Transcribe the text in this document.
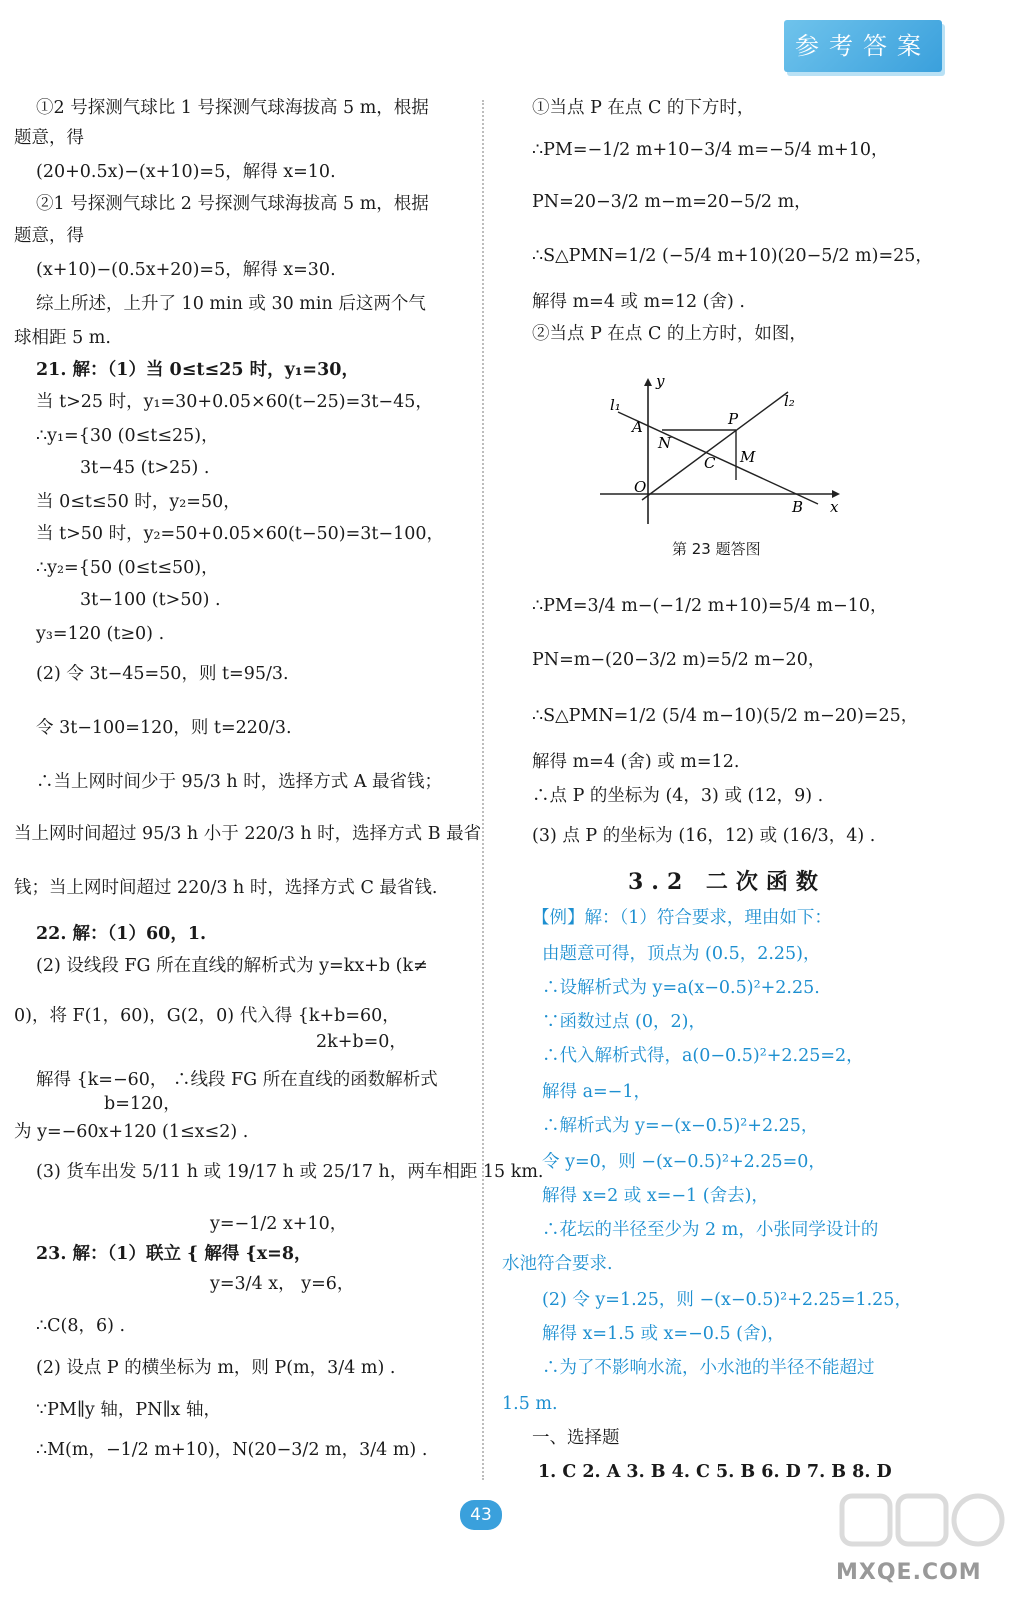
参考答案
①2 号探测气球比 1 号探测气球海拔高 5 m，根据
题意，得
(20+0.5x)−(x+10)=5，解得 x=10.
②1 号探测气球比 2 号探测气球海拔高 5 m，根据
题意，得
(x+10)−(0.5x+20)=5，解得 x=30.
综上所述，上升了 10 min 或 30 min 后这两个气
球相距 5 m.
21. 解：（1）当 0≤t≤25 时，y₁=30，
当 t>25 时，y₁=30+0.05×60(t−25)=3t−45，
∴y₁={30 (0≤t≤25)，
3t−45 (t>25) .
当 0≤t≤50 时，y₂=50，
当 t>50 时，y₂=50+0.05×60(t−50)=3t−100，
∴y₂={50 (0≤t≤50)，
3t−100 (t>50) .
y₃=120 (t≥0) .
(2) 令 3t−45=50，则 t=95/3.
令 3t−100=120，则 t=220/3.
∴当上网时间少于 95/3 h 时，选择方式 A 最省钱；
当上网时间超过 95/3 h 小于 220/3 h 时，选择方式 B 最省
钱；当上网时间超过 220/3 h 时，选择方式 C 最省钱.
22. 解：（1）60，1.
(2) 设线段 FG 所在直线的解析式为 y=kx+b (k≠
0)，将 F(1，60)，G(2，0) 代入得 {k+b=60，
2k+b=0，
解得 {k=−60， ∴线段 FG 所在直线的函数解析式
b=120，
为 y=−60x+120 (1≤x≤2) .
(3) 货车出发 5/11 h 或 19/17 h 或 25/17 h，两车相距 15 km.
y=−1/2 x+10，
23. 解：（1）联立 { 解得 {x=8，
y=3/4 x， y=6，
∴C(8，6) .
(2) 设点 P 的横坐标为 m，则 P(m，3/4 m) .
∵PM∥y 轴，PN∥x 轴，
∴M(m，−1/2 m+10)，N(20−3/2 m，3/4 m) .
①当点 P 在点 C 的下方时，
∴PM=−1/2 m+10−3/4 m=−5/4 m+10，
PN=20−3/2 m−m=20−5/2 m，
∴S△PMN=1/2 (−5/4 m+10)(20−5/2 m)=25，
解得 m=4 或 m=12 (舍) .
②当点 P 在点 C 的上方时，如图，
y
x
O
A
B
C
N
P
M
l₁	l₂
第 23 题答图
∴PM=3/4 m−(−1/2 m+10)=5/4 m−10，
PN=m−(20−3/2 m)=5/2 m−20，
∴S△PMN=1/2 (5/4 m−10)(5/2 m−20)=25，
解得 m=4 (舍) 或 m=12.
∴点 P 的坐标为 (4，3) 或 (12，9) .
(3) 点 P 的坐标为 (16，12) 或 (16/3，4) .
3.2 二次函数
【例】解：（1）符合要求，理由如下：
由题意可得，顶点为 (0.5，2.25)，
∴设解析式为 y=a(x−0.5)²+2.25.
∵函数过点 (0，2)，
∴代入解析式得，a(0−0.5)²+2.25=2，
解得 a=−1，
∴解析式为 y=−(x−0.5)²+2.25，
令 y=0，则 −(x−0.5)²+2.25=0，
解得 x=2 或 x=−1 (舍去)，
∴花坛的半径至少为 2 m，小张同学设计的
水池符合要求.
(2) 令 y=1.25，则 −(x−0.5)²+2.25=1.25，
解得 x=1.5 或 x=−0.5 (舍)，
∴为了不影响水流，小水池的半径不能超过
1.5 m.
一、选择题
1. C 2. A 3. B 4. C 5. B 6. D 7. B 8. D
43
MXQE.COM
